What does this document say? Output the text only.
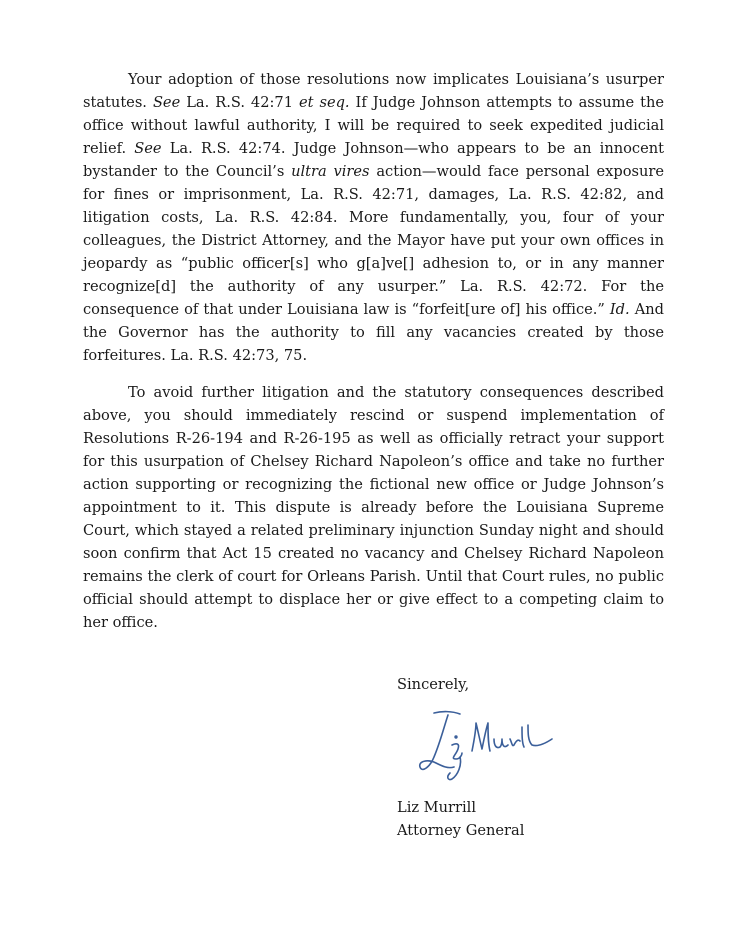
Your adoption of those resolutions now implicates Louisiana’s usurper statutes. See La. R.S. 42:71 et seq. If Judge Johnson attempts to assume the office without lawful authority, I will be required to seek expedited judicial relief. See La. R.S. 42:74. Judge Johnson—who appears to be an innocent bystander to the Council’s ultra vires action—would face personal exposure for fines or imprisonment, La. R.S. 42:71, damages, La. R.S. 42:82, and litigation costs, La. R.S. 42:84. More fundamentally, you, four of your colleagues, the District Attorney, and the Mayor have put your own offices in jeopardy as “public officer[s] who g[a]ve[] adhesion to, or in any manner recognize[d] the authority of any usurper.” La. R.S. 42:72. For the consequence of that under Louisiana law is “forfeit[ure of] his office.” Id. And the Governor has the authority to fill any vacancies created by those forfeitures. La. R.S. 42:73, 75.

To avoid further litigation and the statutory consequences described above, you should immediately rescind or suspend implementation of Resolutions R-26-194 and R-26-195 as well as officially retract your support for this usurpation of Chelsey Richard Napoleon’s office and take no further action supporting or recognizing the fictional new office or Judge Johnson’s appointment to it. This dispute is already before the Louisiana Supreme Court, which stayed a related preliminary injunction Sunday night and should soon confirm that Act 15 created no vacancy and Chelsey Richard Napoleon remains the clerk of court for Orleans Parish. Until that Court rules, no public official should attempt to displace her or give effect to a competing claim to her office.

Sincerely,
Liz Murrill
Attorney General
